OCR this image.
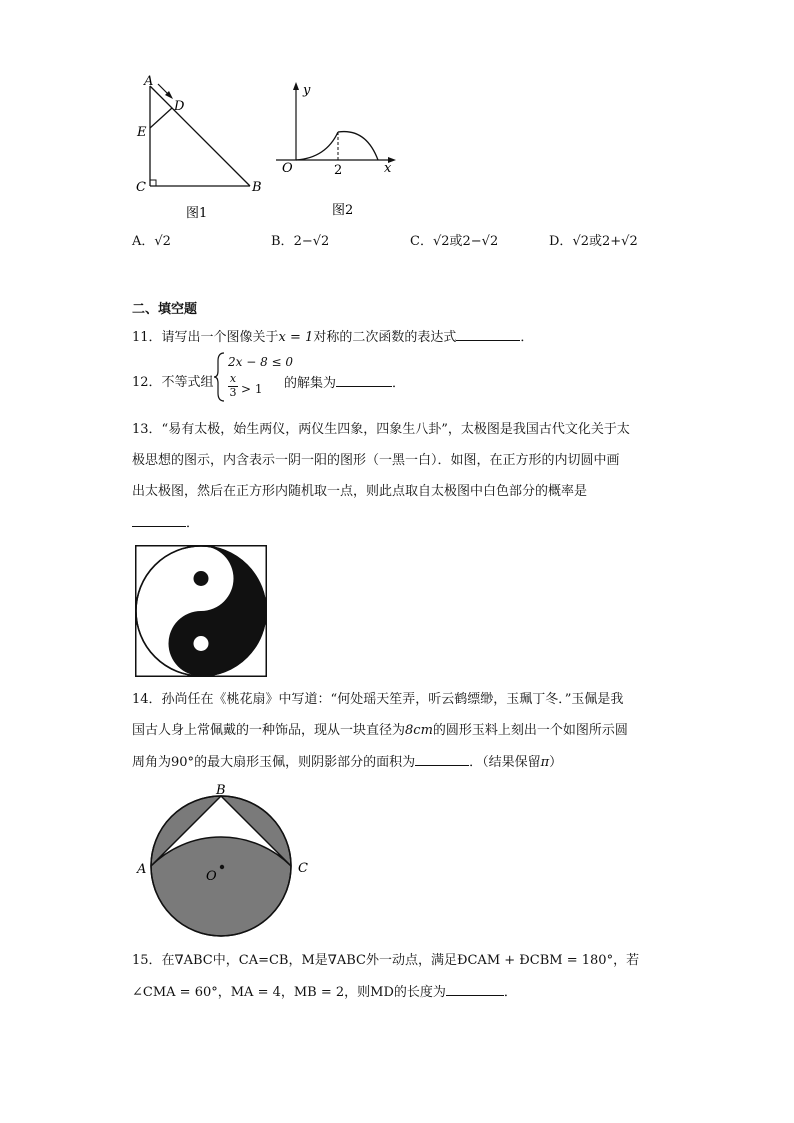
A
D
E
C	B
图1
y
O	2	x
图2
A．√2	B．2−√2	C．√2或2−√2	D．√2或2+√2
二、填空题
11．请写出一个图像关于x = 1对称的二次函数的表达式	．
12．不等式组
2x − 8 ≤ 0
x
3 > 1 的解集为	．
13．“易有太极，始生两仪，两仪生四象，四象生八卦”，太极图是我国古代文化关于太
极思想的图示，内含表示一阴一阳的图形（一黑一白）．如图，在正方形的内切圆中画
出太极图，然后在正方形内随机取一点，则此点取自太极图中白色部分的概率是
．
14．孙尚任在《桃花扇》中写道：“何处瑶天笙弄，听云鹤缥缈，玉珮丁冬．”玉佩是我
国古人身上常佩戴的一种饰品，现从一块直径为8cm的圆形玉料上刻出一个如图所示圆
周角为90°的最大扇形玉佩，则阴影部分的面积为	．（结果保留π）
B
A	O
C
15．在∇ABC中，CA=CB，M是∇ABC外一动点，满足ÐCAM + ÐCBM = 180°，若
∠CMA = 60°，MA = 4，MB = 2，则MD的长度为	．
